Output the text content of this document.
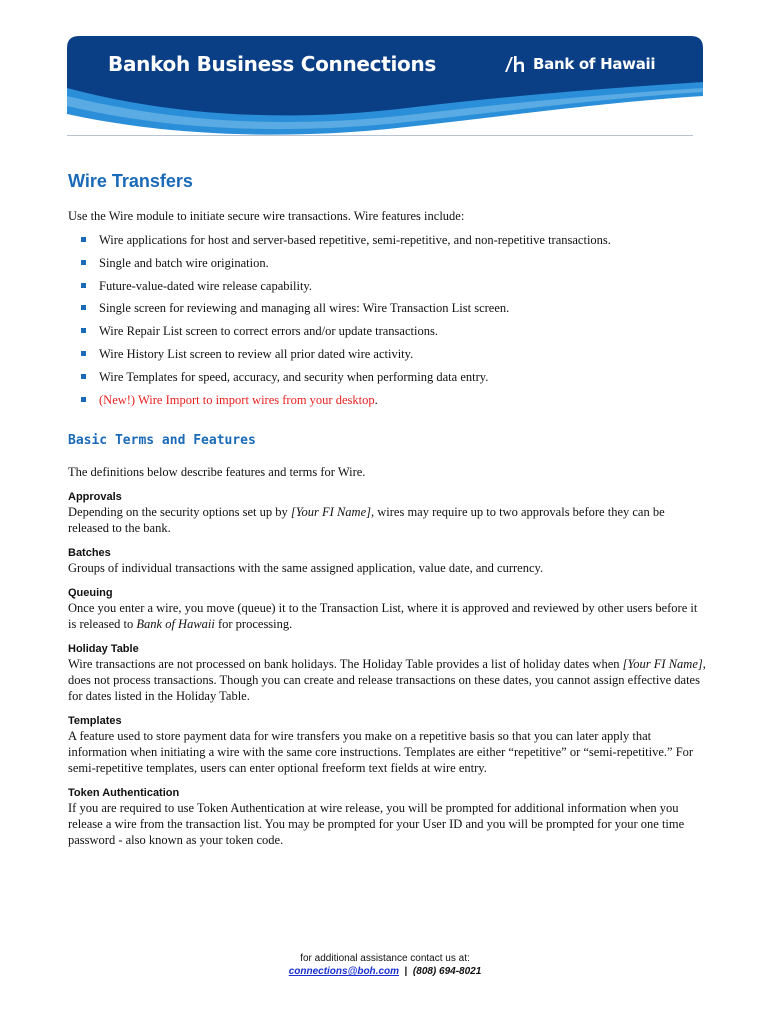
Bankoh Business Connections	Bank of Hawaii
Wire Transfers

Use the Wire module to initiate secure wire transactions. Wire features include:

Wire applications for host and server-based repetitive, semi-repetitive, and non-repetitive transactions.
Single and batch wire origination.
Future-value-dated wire release capability.
Single screen for reviewing and managing all wires: Wire Transaction List screen.
Wire Repair List screen to correct errors and/or update transactions.
Wire History List screen to review all prior dated wire activity.
Wire Templates for speed, accuracy, and security when performing data entry.
(New!) Wire Import to import wires from your desktop.
Basic Terms and Features

The definitions below describe features and terms for Wire.

Approvals

Depending on the security options set up by [Your FI Name], wires may require up to two approvals before they can be released to the bank.

Batches

Groups of individual transactions with the same assigned application, value date, and currency.

Queuing

Once you enter a wire, you move (queue) it to the Transaction List, where it is approved and reviewed by other users before it is released to Bank of Hawaii for processing.

Holiday Table

Wire transactions are not processed on bank holidays. The Holiday Table provides a list of holiday dates when [Your FI Name], does not process transactions. Though you can create and release transactions on these dates, you cannot assign effective dates for dates listed in the Holiday Table.

Templates

A feature used to store payment data for wire transfers you make on a repetitive basis so that you can later apply that information when initiating a wire with the same core instructions. Templates are either “repetitive” or “semi-repetitive.” For semi-repetitive templates, users can enter optional freeform text fields at wire entry.

Token Authentication

If you are required to use Token Authentication at wire release, you will be prompted for additional information when you release a wire from the transaction list. You may be prompted for your User ID and you will be prompted for your one time password - also known as your token code.

for additional assistance contact us at:
connections@boh.com  |  (808) 694-8021
